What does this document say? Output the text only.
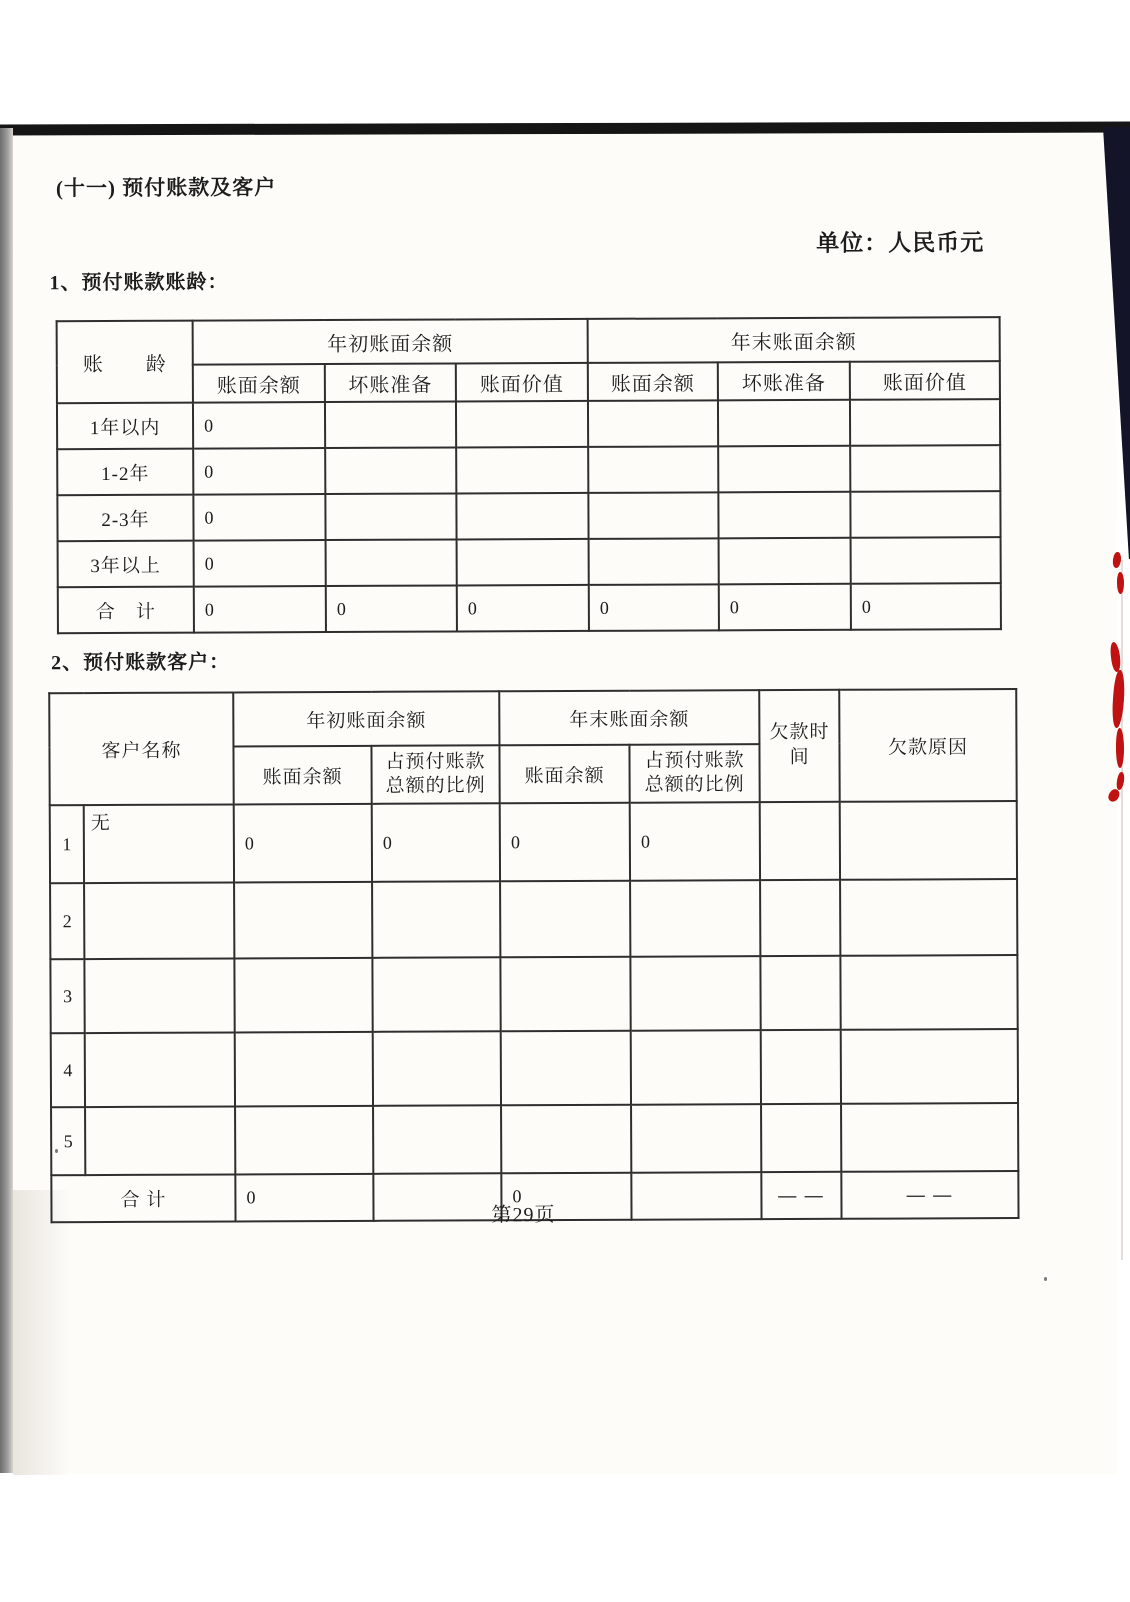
(十一) 预付账款及客户
单位：人民币元
1、预付账款账龄：
账　　龄	年初账面余额			年末账面余额		
	账面余额	坏账准备	账面价值	账面余额	坏账准备	账面价值
1年以内	0					
1-2年	0					
2-3年	0					
3年以上	0					
合　计	0	0	0	0	0	0
2、预付账款客户：
客户名称		年初账面余额		年末账面余额		欠款时间	欠款原因
		账面余额	占预付账款总额的比例	账面余额	占预付账款总额的比例		
1	无	0	0	0	0		
2							
3							
4							
5							
合 计		0		0		— —	— —
第29页
